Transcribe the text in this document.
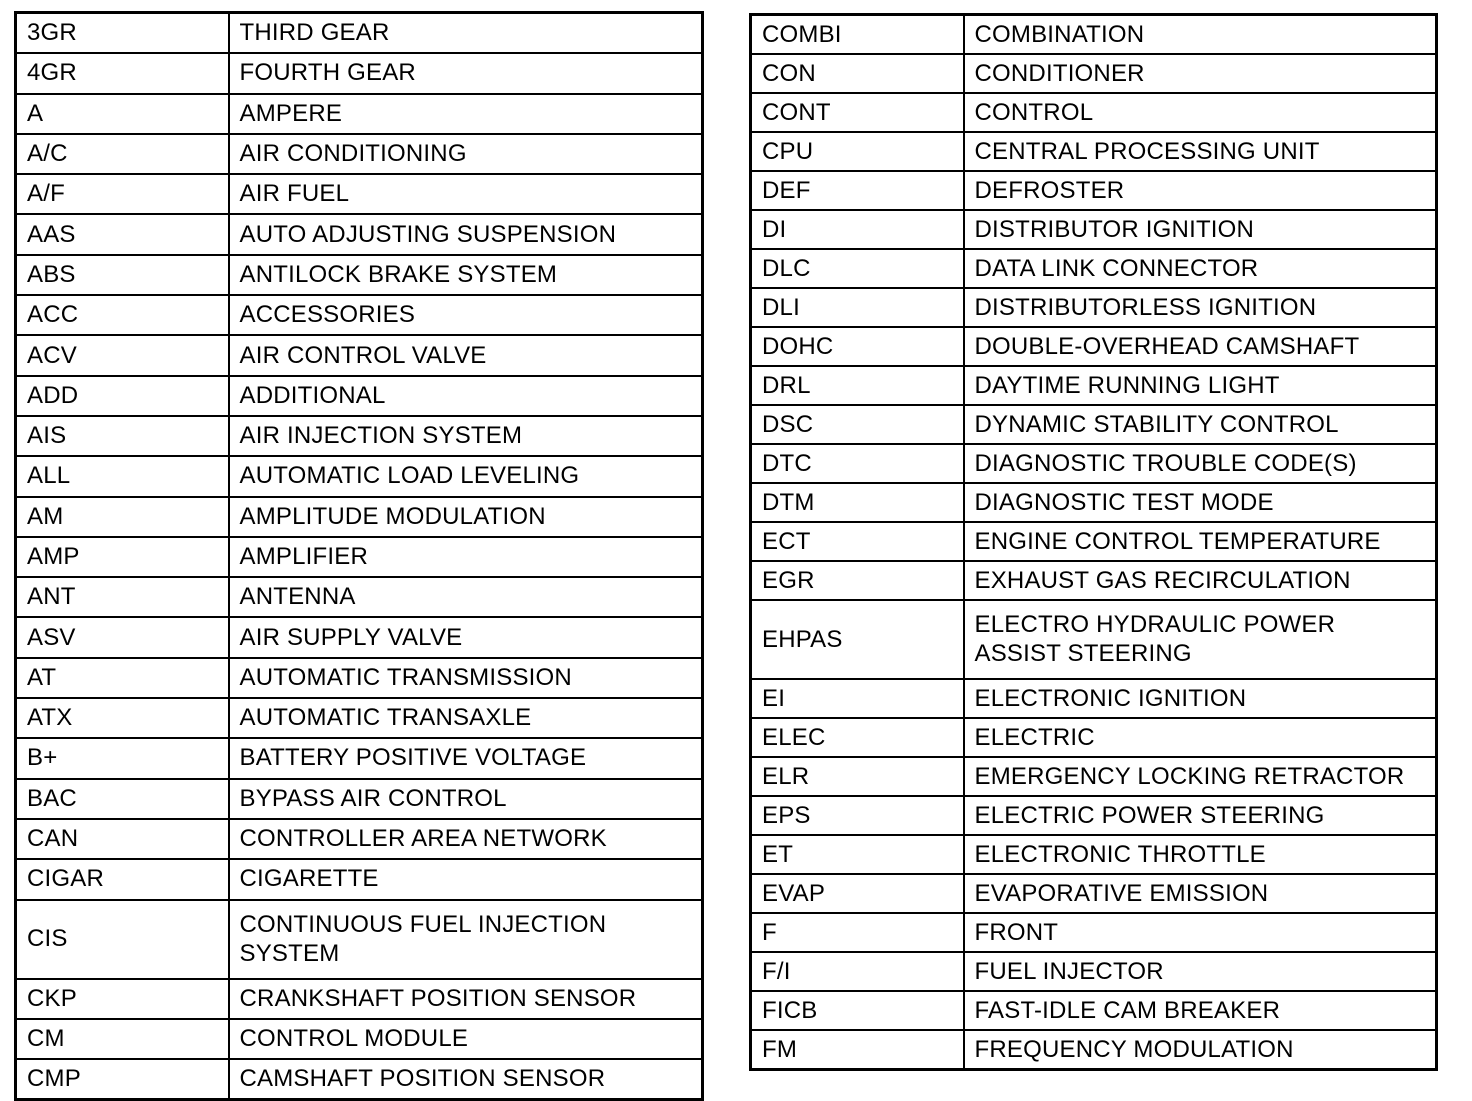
3GR	THIRD GEAR
4GR	FOURTH GEAR
A	AMPERE
A/C	AIR CONDITIONING
A/F	AIR FUEL
AAS	AUTO ADJUSTING SUSPENSION
ABS	ANTILOCK BRAKE SYSTEM
ACC	ACCESSORIES
ACV	AIR CONTROL VALVE
ADD	ADDITIONAL
AIS	AIR INJECTION SYSTEM
ALL	AUTOMATIC LOAD LEVELING
AM	AMPLITUDE MODULATION
AMP	AMPLIFIER
ANT	ANTENNA
ASV	AIR SUPPLY VALVE
AT	AUTOMATIC TRANSMISSION
ATX	AUTOMATIC TRANSAXLE
B+	BATTERY POSITIVE VOLTAGE
BAC	BYPASS AIR CONTROL
CAN	CONTROLLER AREA NETWORK
CIGAR	CIGARETTE
CIS	CONTINUOUS FUEL INJECTION
SYSTEM
CKP	CRANKSHAFT POSITION SENSOR
CM	CONTROL MODULE
CMP	CAMSHAFT POSITION SENSOR
COMBI	COMBINATION
CON	CONDITIONER
CONT	CONTROL
CPU	CENTRAL PROCESSING UNIT
DEF	DEFROSTER
DI	DISTRIBUTOR IGNITION
DLC	DATA LINK CONNECTOR
DLI	DISTRIBUTORLESS IGNITION
DOHC	DOUBLE-OVERHEAD CAMSHAFT
DRL	DAYTIME RUNNING LIGHT
DSC	DYNAMIC STABILITY CONTROL
DTC	DIAGNOSTIC TROUBLE CODE(S)
DTM	DIAGNOSTIC TEST MODE
ECT	ENGINE CONTROL TEMPERATURE
EGR	EXHAUST GAS RECIRCULATION
EHPAS	ELECTRO HYDRAULIC POWER
ASSIST STEERING
EI	ELECTRONIC IGNITION
ELEC	ELECTRIC
ELR	EMERGENCY LOCKING RETRACTOR
EPS	ELECTRIC POWER STEERING
ET	ELECTRONIC THROTTLE
EVAP	EVAPORATIVE EMISSION
F	FRONT
F/I	FUEL INJECTOR
FICB	FAST-IDLE CAM BREAKER
FM	FREQUENCY MODULATION
